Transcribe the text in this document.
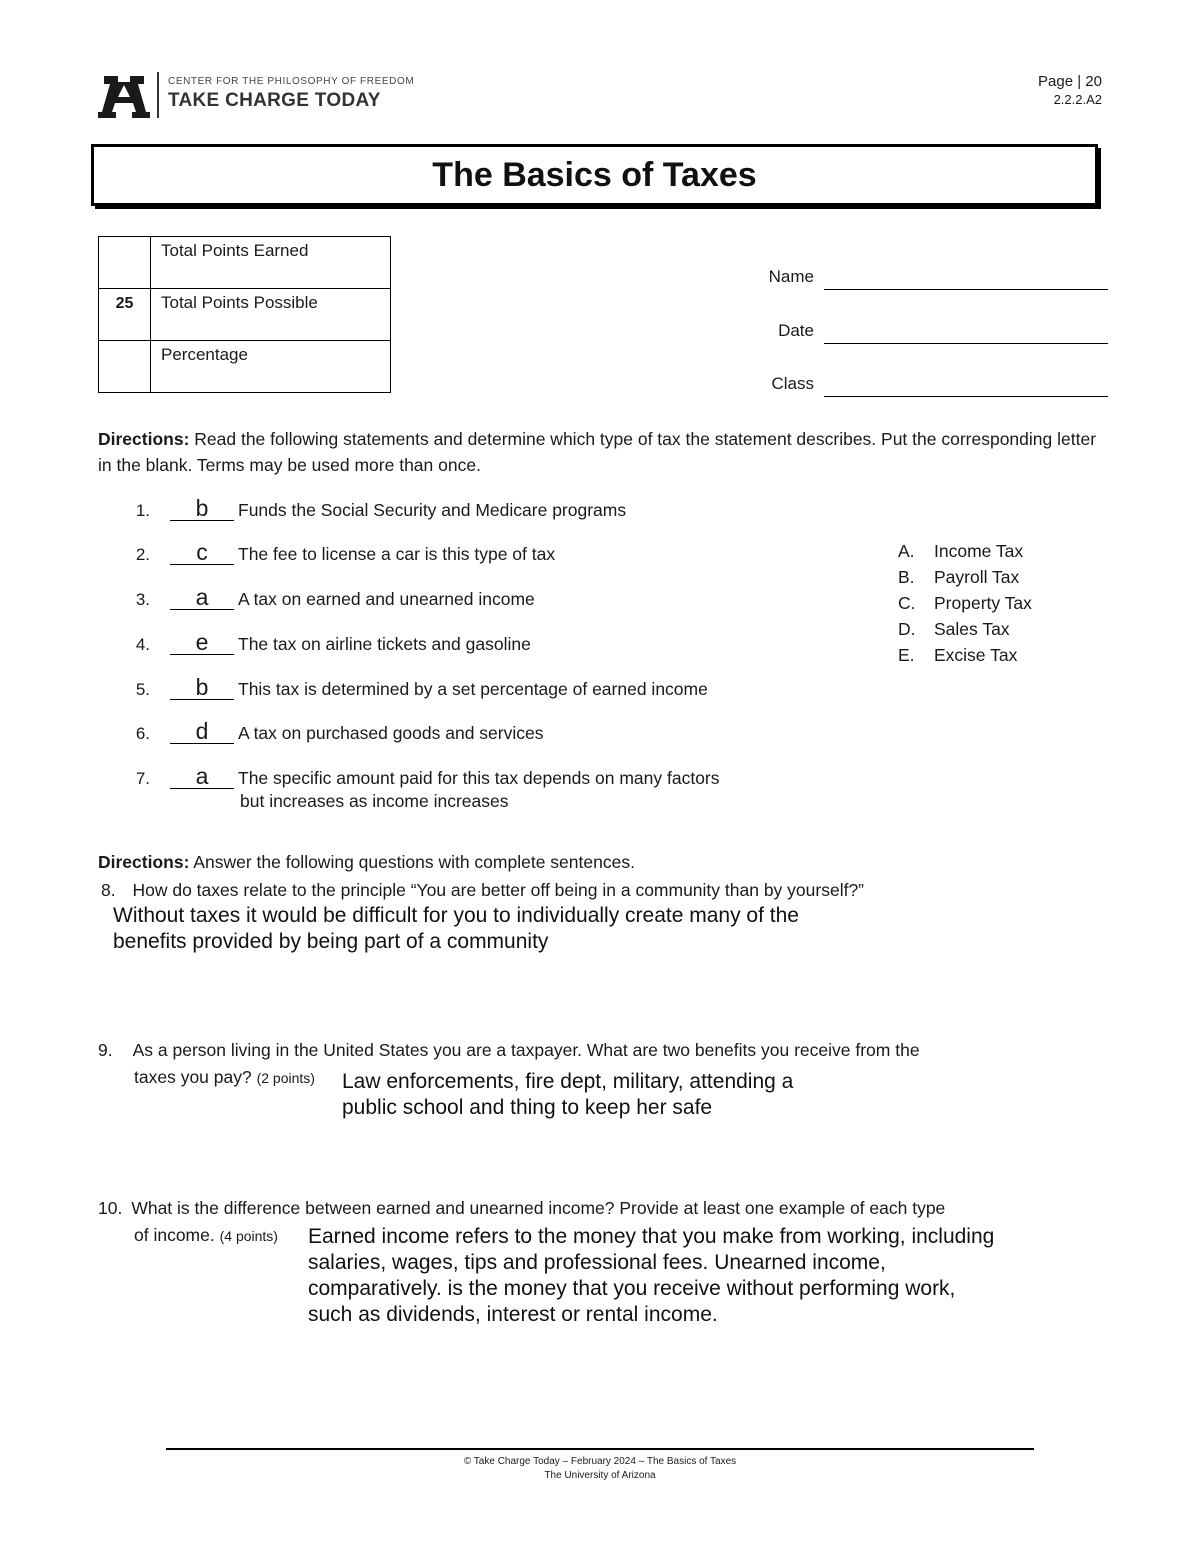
CENTER FOR THE PHILOSOPHY OF FREEDOM
TAKE CHARGE TODAY
Page | 20
2.2.2.A2
The Basics of Taxes
	Total Points Earned
25	Total Points Possible
	Percentage
Name
Date
Class
Directions: Read the following statements and determine which type of tax the statement describes. Put the corresponding letter in the blank. Terms may be used more than once.
1.	b	Funds the Social Security and Medicare programs
2.	c	The fee to license a car is this type of tax
3.	a	A tax on earned and unearned income
4.	e	The tax on airline tickets and gasoline
5.	b	This tax is determined by a set percentage of earned income
6.	d	A tax on purchased goods and services
7.	a	The specific amount paid for this tax depends on many factors
but increases as income increases
A.	Income Tax
B.	Payroll Tax
C.	Property Tax
D.	Sales Tax
E.	Excise Tax
Directions: Answer the following questions with complete sentences.
8. How do taxes relate to the principle “You are better off being in a community than by yourself?”
Without taxes it would be difficult for you to individually create many of the
benefits provided by being part of a community
9. As a person living in the United States you are a taxpayer. What are two benefits you receive from the
taxes you pay? (2 points)	Law enforcements, fire dept, military, attending a
public school and thing to keep her safe
10. What is the difference between earned and unearned income? Provide at least one example of each type
of income. (4 points)	Earned income refers to the money that you make from working, including
salaries, wages, tips and professional fees. Unearned income,
comparatively. is the money that you receive without performing work,
such as dividends, interest or rental income.
© Take Charge Today – February 2024 – The Basics of Taxes
The University of Arizona
